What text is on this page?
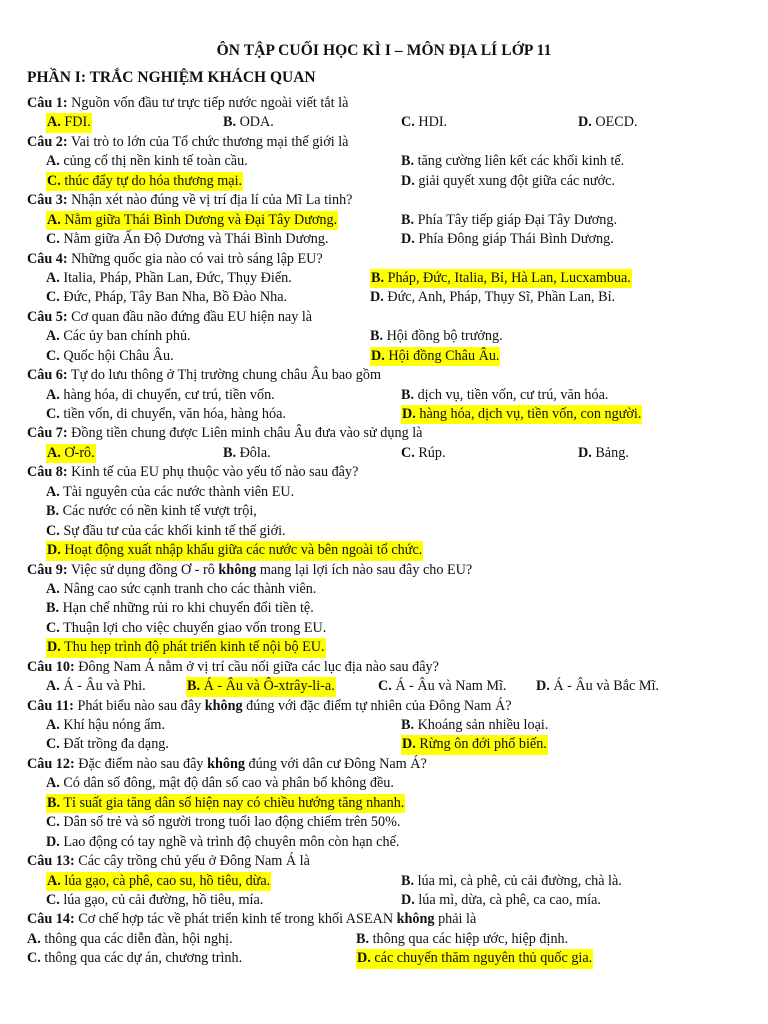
ÔN TẬP CUỐI HỌC KÌ I – MÔN ĐỊA LÍ LỚP 11
PHẦN I: TRẮC NGHIỆM KHÁCH QUAN
Câu 1: Nguồn vốn đầu tư trực tiếp nước ngoài viết tắt là
A. FDI.	B. ODA.	C. HDI.	D. OECD.
Câu 2: Vai trò to lớn của Tổ chức thương mại thế giới là
A. củng cố thị nền kinh tế toàn cầu.	B. tăng cường liên kết các khối kinh tế.
C. thúc đẩy tự do hóa thương mại.	D. giải quyết xung đột giữa các nước.
Câu 3: Nhận xét nào đúng về vị trí địa lí của Mĩ La tinh?
A. Nằm giữa Thái Bình Dương và Đại Tây Dương.	B. Phía Tây tiếp giáp Đại Tây Dương.
C. Nằm giữa Ấn Độ Dương và Thái Bình Dương.	D. Phía Đông giáp Thái Bình Dương.
Câu 4: Những quốc gia nào có vai trò sáng lập EU?
A. Italia, Pháp, Phần Lan, Đức, Thụy Điển.	B. Pháp, Đức, Italia, Bỉ, Hà Lan, Lucxambua.
C. Đức, Pháp, Tây Ban Nha, Bồ Đào Nha.	D. Đức, Anh, Pháp, Thụy Sĩ, Phần Lan, Bỉ.
Câu 5: Cơ quan đầu não đứng đầu EU hiện nay là
A. Các ủy ban chính phủ.	B. Hội đồng bộ trưởng.
C. Quốc hội Châu Âu.	D. Hội đồng Châu Âu.
Câu 6: Tự do lưu thông ở Thị trường chung châu Âu bao gồm
A. hàng hóa, di chuyển, cư trú, tiền vốn.	B. dịch vụ, tiền vốn, cư trú, văn hóa.
C. tiền vốn, di chuyển, văn hóa, hàng hóa.	D. hàng hóa, dịch vụ, tiền vốn, con người.
Câu 7: Đồng tiền chung được Liên minh châu Âu đưa vào sử dụng là
A. Ơ-rô.	B. Đôla.	C. Rúp.	D. Bảng.
Câu 8: Kinh tế của EU phụ thuộc vào yếu tố nào sau đây?
A. Tài nguyên của các nước thành viên EU.
B. Các nước có nền kinh tế vượt trội,
C. Sự đầu tư của các khối kinh tế thế giới.
D. Hoạt động xuất nhập khẩu giữa các nước và bên ngoài tổ chức.
Câu 9: Việc sử dụng đồng Ơ - rô không mang lại lợi ích nào sau đây cho EU?
A. Nâng cao sức cạnh tranh cho các thành viên.
B. Hạn chế những rủi ro khi chuyển đổi tiền tệ.
C. Thuận lợi cho việc chuyển giao vốn trong EU.
D. Thu hẹp trình độ phát triển kinh tế nội bộ EU.
Câu 10: Đông Nam Á nằm ở vị trí cầu nối giữa các lục địa nào sau đây?
A. Á - Âu và Phi.	B. Á - Âu và Ô-xtrây-li-a.	C. Á - Âu và Nam Mĩ. D. Á - Âu và Bắc Mĩ.
Câu 11: Phát biểu nào sau đây không đúng với đặc điểm tự nhiên của Đông Nam Á?
A. Khí hậu nóng ẩm.	B. Khoáng sản nhiều loại.
C. Đất trồng đa dạng.	D. Rừng ôn đới phổ biến.
Câu 12: Đặc điểm nào sau đây không đúng với dân cư Đông Nam Á?
A. Có dân số đông, mật độ dân số cao và phân bố không đều.
B. Tỉ suất gia tăng dân số hiện nay có chiều hướng tăng nhanh.
C. Dân số trẻ và số người trong tuổi lao động chiếm trên 50%.
D. Lao động có tay nghề và trình độ chuyên môn còn hạn chế.
Câu 13: Các cây trồng chủ yếu ở Đông Nam Á là
A. lúa gạo, cà phê, cao su, hồ tiêu, dừa.	B. lúa mì, cà phê, củ cải đường, chà là.
C. lúa gạo, củ cải đường, hồ tiêu, mía.	D. lúa mì, dừa, cà phê, ca cao, mía.
Câu 14: Cơ chế hợp tác về phát triển kinh tế trong khối ASEAN không phải là
A. thông qua các diễn đàn, hội nghị.	B. thông qua các hiệp ước, hiệp định.
C. thông qua các dự án, chương trình.	D. các chuyến thăm nguyên thủ quốc gia.
